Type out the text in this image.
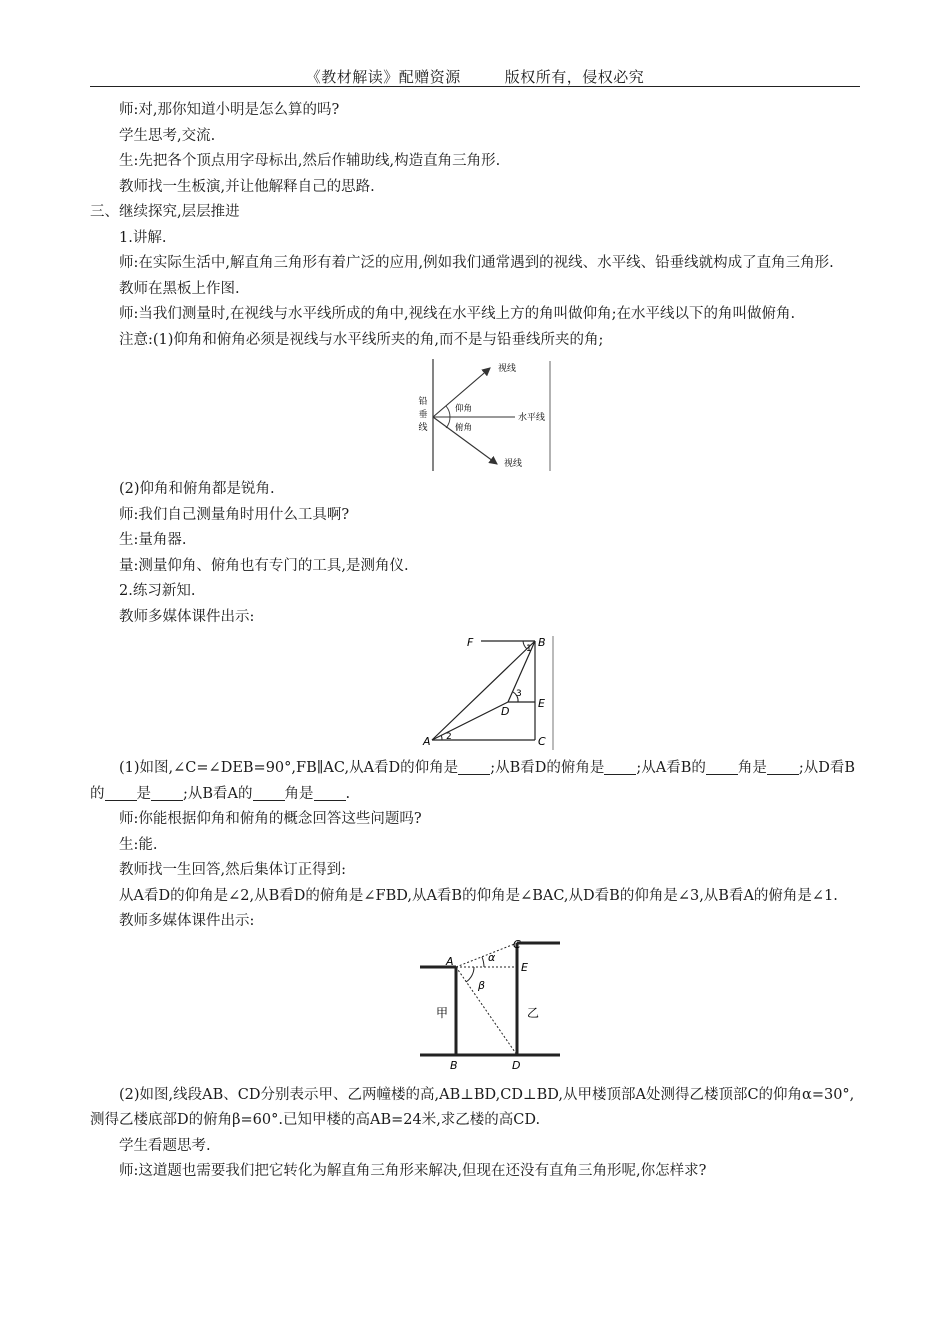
《教材解读》配赠资源	版权所有，侵权必究

师:对,那你知道小明是怎么算的吗?

学生思考,交流.

生:先把各个顶点用字母标出,然后作辅助线,构造直角三角形.

教师找一生板演,并让他解释自己的思路.

三、继续探究,层层推进

1.讲解.

师:在实际生活中,解直角三角形有着广泛的应用,例如我们通常遇到的视线、水平线、铅垂线就构成了直角三角形.

教师在黑板上作图.

师:当我们测量时,在视线与水平线所成的角中,视线在水平线上方的角叫做仰角;在水平线以下的角叫做俯角.

注意:(1)仰角和俯角必须是视线与水平线所夹的角,而不是与铅垂线所夹的角;

铅
垂
线
视线
水平线
仰角
俯角
视线

(2)仰角和俯角都是锐角.

师:我们自己测量角时用什么工具啊?

生:量角器.

量:测量仰角、俯角也有专门的工具,是测角仪.

2.练习新知.

教师多媒体课件出示:

F	B
D
E
A	C
1
2
3

(1)如图,∠C=∠DEB=90°,FB∥AC,从A看D的仰角是 ;从B看D的俯角是 ;从A看B的 角是 ;从D看B的 是 ;从B看A的 角是 .

师:你能根据仰角和俯角的概念回答这些问题吗?

生:能.

教师找一生回答,然后集体订正得到:

从A看D的仰角是∠2,从B看D的俯角是∠FBD,从A看B的仰角是∠BAC,从D看B的仰角是∠3,从B看A的俯角是∠1.

教师多媒体课件出示:

A
B
C
D
E
α
β
甲	乙

(2)如图,线段AB、CD分别表示甲、乙两幢楼的高,AB⊥BD,CD⊥BD,从甲楼顶部A处测得乙楼顶部C的仰角α=30°,测得乙楼底部D的俯角β=60°.已知甲楼的高AB=24米,求乙楼的高CD.

学生看题思考.

师:这道题也需要我们把它转化为解直角三角形来解决,但现在还没有直角三角形呢,你怎样求?
